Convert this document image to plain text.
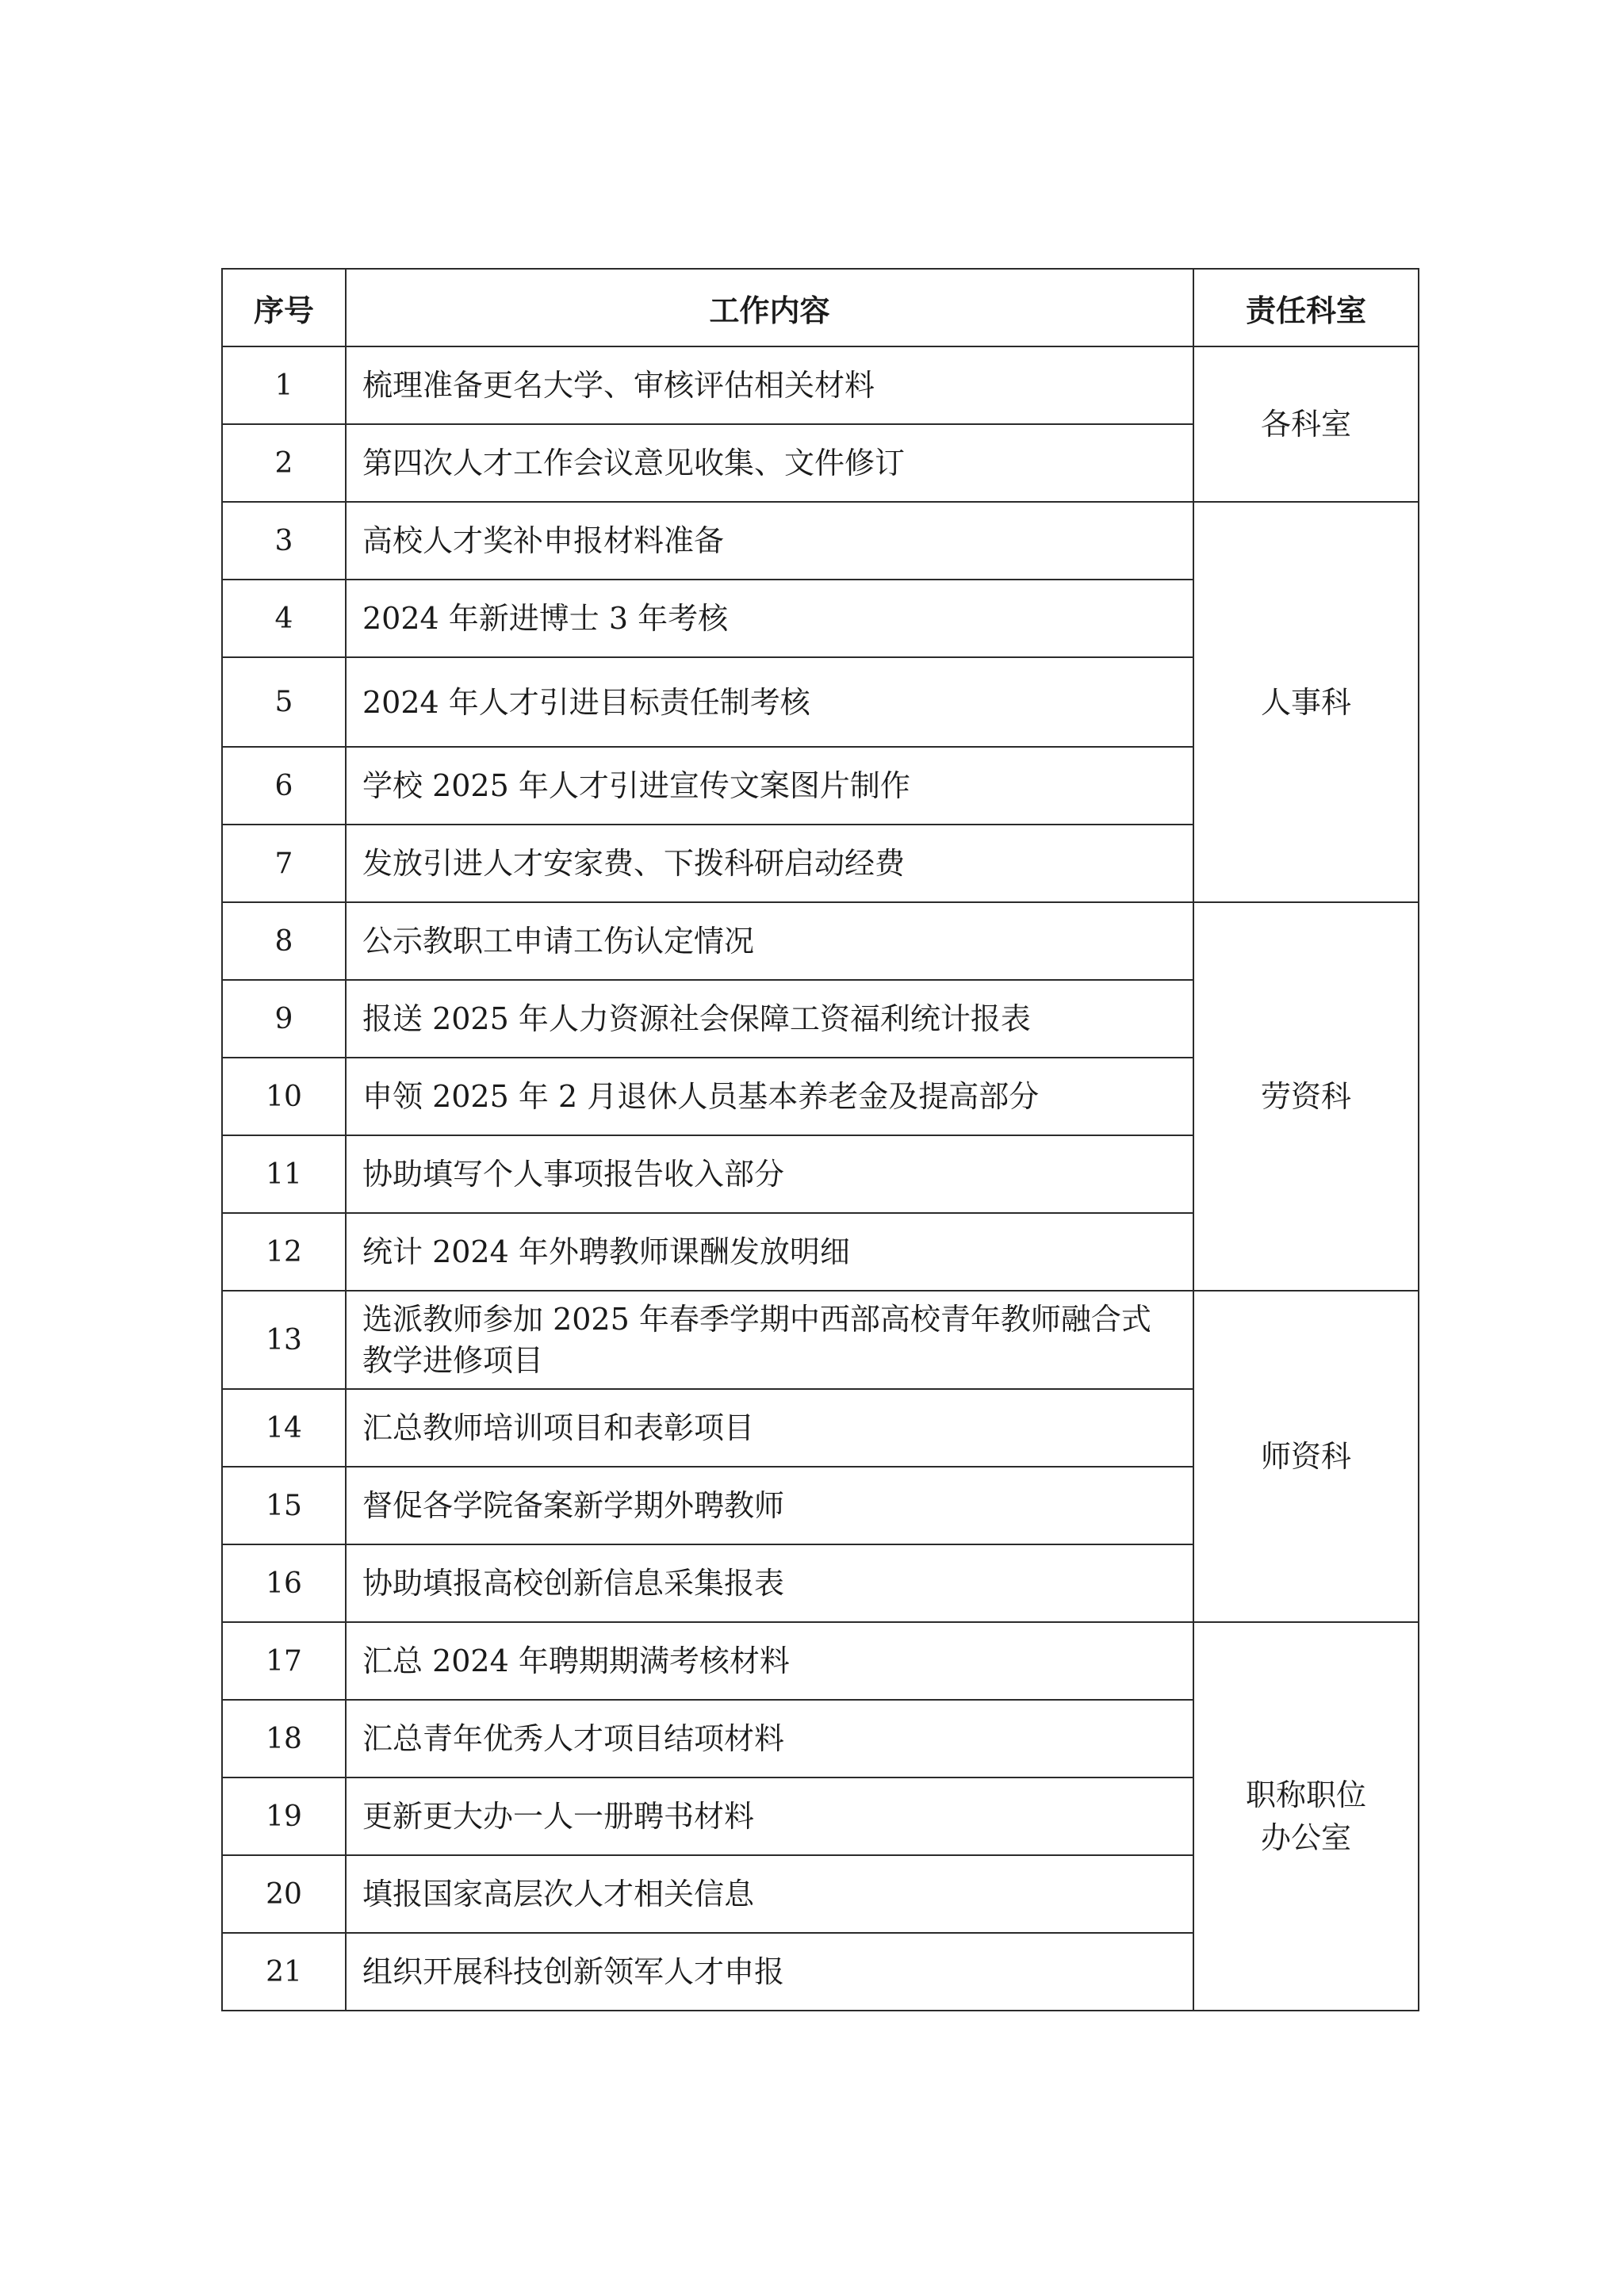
序号	工作内容	责任科室
1	梳理准备更名大学、审核评估相关材料	各科室

2	第四次人才工作会议意见收集、文件修订	
3	高校人才奖补申报材料准备	人事科

4	2024 年新进博士 3 年考核	
5	2024 年人才引进目标责任制考核	
6	学校 2025 年人才引进宣传文案图片制作	
7	发放引进人才安家费、下拨科研启动经费	
8	公示教职工申请工伤认定情况	劳资科

9	报送 2025 年人力资源社会保障工资福利统计报表	
10	申领 2025 年 2 月退休人员基本养老金及提高部分	
11	协助填写个人事项报告收入部分	
12	统计 2024 年外聘教师课酬发放明细	
13	选派教师参加 2025 年春季学期中西部高校青年教师融合式教学进修项目	师资科

14	汇总教师培训项目和表彰项目	
15	督促各学院备案新学期外聘教师	
16	协助填报高校创新信息采集报表	
17	汇总 2024 年聘期期满考核材料	职称职位
办公室

18	汇总青年优秀人才项目结项材料	
19	更新更大办一人一册聘书材料	
20	填报国家高层次人才相关信息	
21	组织开展科技创新领军人才申报	
